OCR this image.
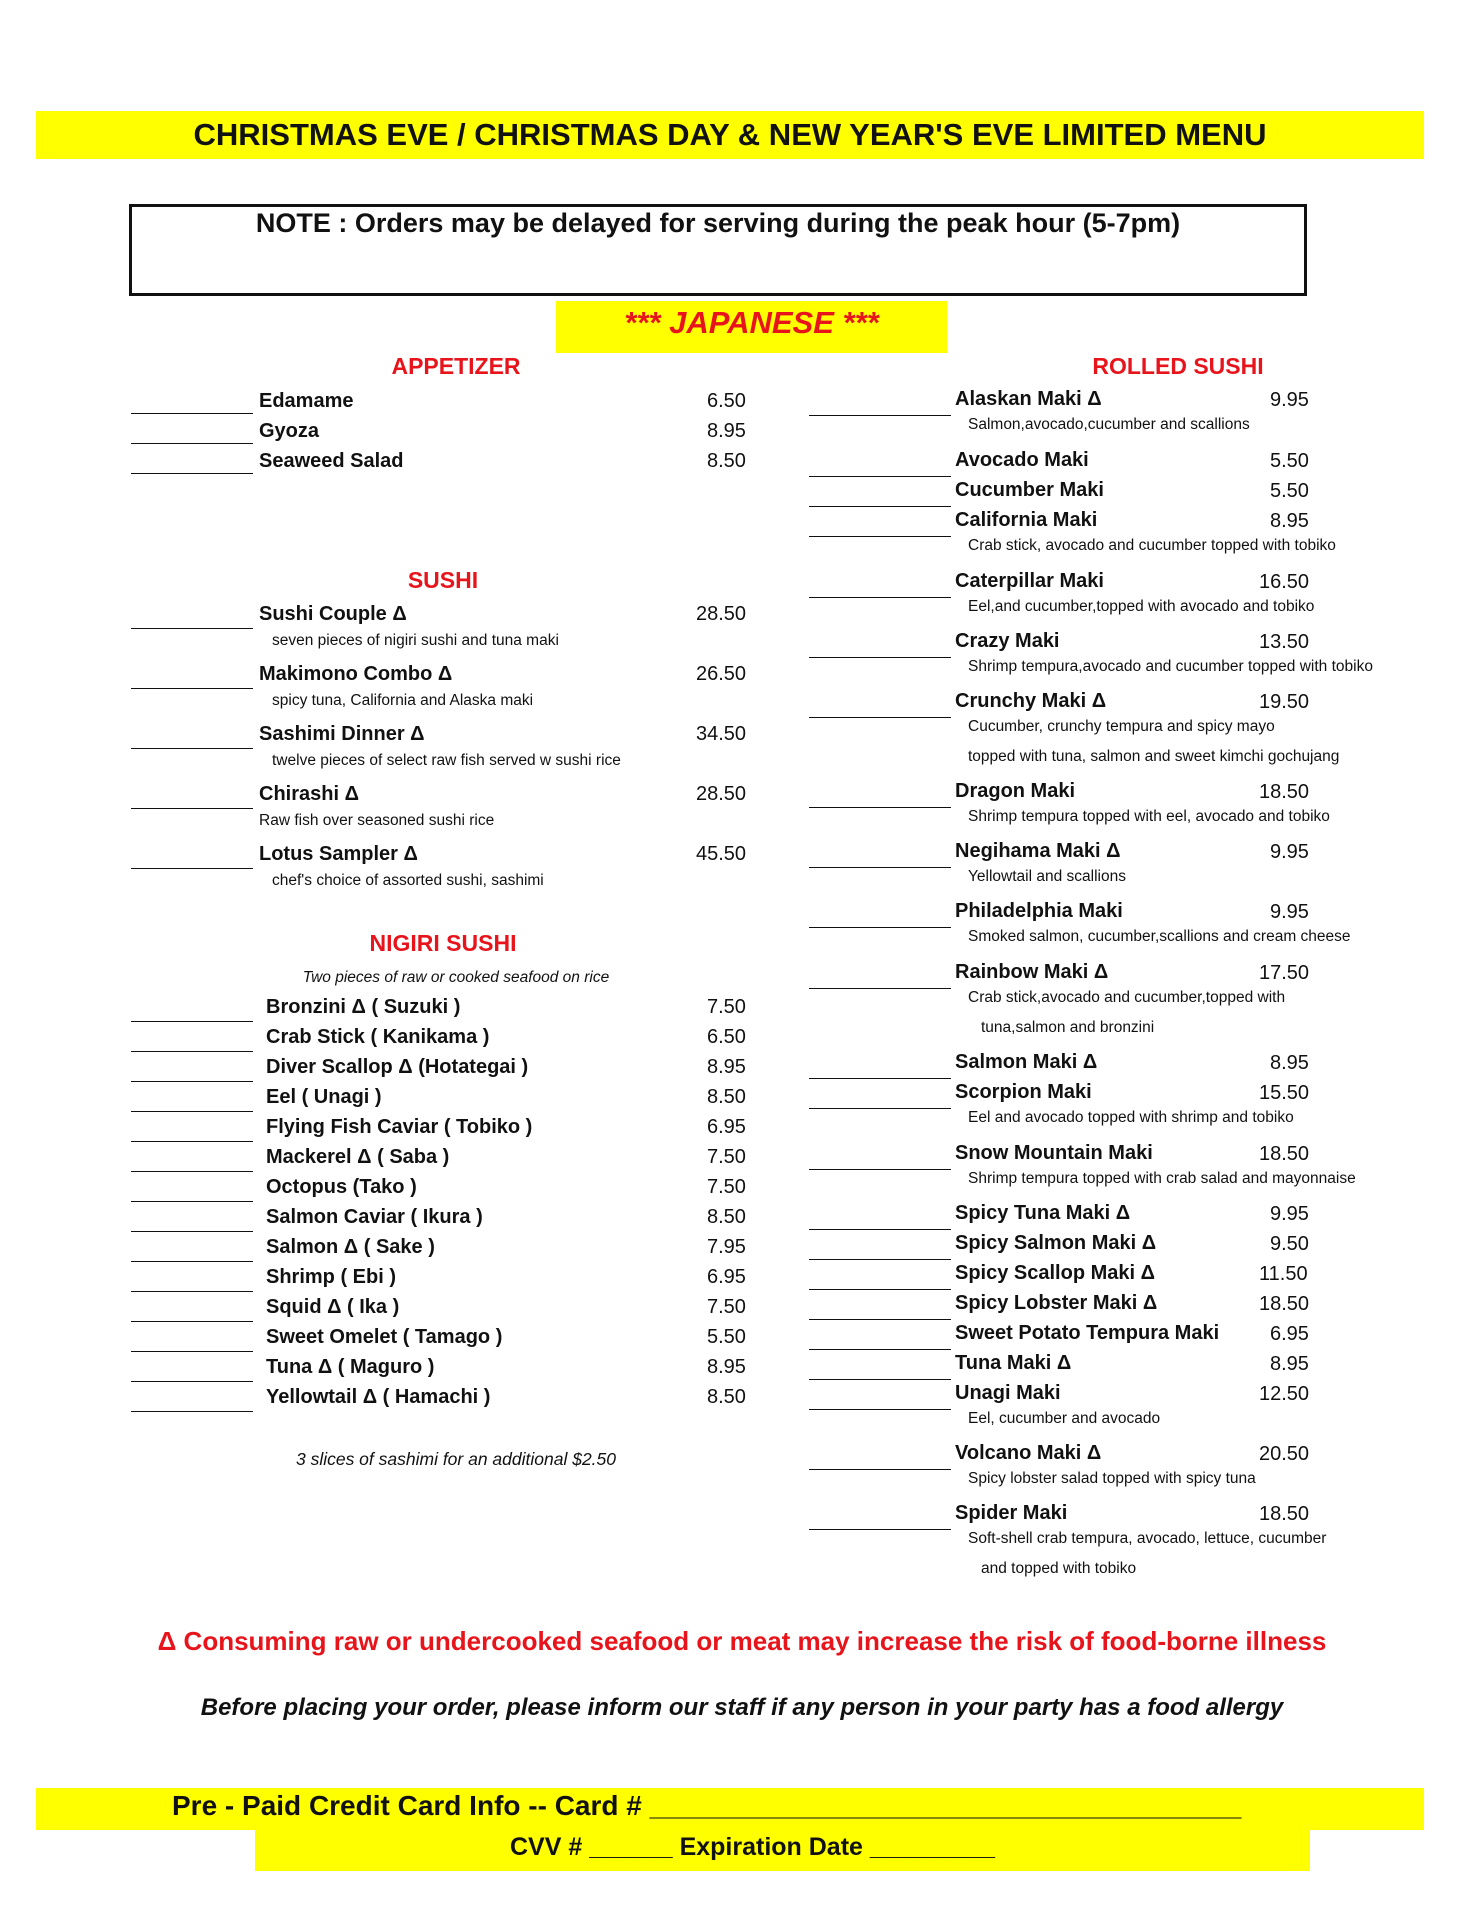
CHRISTMAS EVE / CHRISTMAS DAY & NEW YEAR'S EVE LIMITED MENU
NOTE : Orders may be delayed for serving during the peak hour (5-7pm)
*** JAPANESE ***
APPETIZER
SUSHI
NIGIRI SUSHI
Two pieces of raw or cooked seafood on rice
3 slices of sashimi for an additional $2.50
ROLLED SUSHI
Edamame	6.50
Gyoza	8.95
Seaweed Salad	8.50
Sushi Couple Δ	28.50
seven pieces of nigiri sushi and tuna maki
Makimono Combo Δ	26.50
spicy tuna, California and Alaska maki
Sashimi Dinner Δ	34.50
twelve pieces of select raw fish served w sushi rice
Chirashi Δ	28.50
Raw fish over seasoned sushi rice
Lotus Sampler Δ	45.50
chef's choice of assorted sushi, sashimi
Bronzini Δ ( Suzuki )	7.50
Crab Stick ( Kanikama )	6.50
Diver Scallop Δ (Hotategai )	8.95
Eel ( Unagi )	8.50
Flying Fish Caviar ( Tobiko )	6.95
Mackerel Δ ( Saba )	7.50
Octopus (Tako )	7.50
Salmon Caviar ( Ikura )	8.50
Salmon Δ ( Sake )	7.95
Shrimp ( Ebi )	6.95
Squid Δ ( Ika )	7.50
Sweet Omelet ( Tamago )	5.50
Tuna Δ ( Maguro )	8.95
Yellowtail Δ ( Hamachi )	8.50
Alaskan Maki Δ	9.95
Salmon,avocado,cucumber and scallions
Avocado Maki	5.50
Cucumber Maki	5.50
California Maki	8.95
Crab stick, avocado and cucumber topped with tobiko
Caterpillar Maki	16.50
Eel,and cucumber,topped with avocado and tobiko
Crazy Maki	13.50
Shrimp tempura,avocado and cucumber topped with tobiko
Crunchy Maki Δ	19.50
Cucumber, crunchy tempura and spicy mayo
topped with tuna, salmon and sweet kimchi gochujang
Dragon Maki	18.50
Shrimp tempura topped with eel, avocado and tobiko
Negihama Maki Δ	9.95
Yellowtail and scallions
Philadelphia Maki	9.95
Smoked salmon, cucumber,scallions and cream cheese
Rainbow Maki Δ	17.50
Crab stick,avocado and cucumber,topped with
tuna,salmon and bronzini
Salmon Maki Δ	8.95
Scorpion Maki	15.50
Eel and avocado topped with shrimp and tobiko
Snow Mountain Maki	18.50
Shrimp tempura topped with crab salad and mayonnaise
Spicy Tuna Maki Δ	9.95
Spicy Salmon Maki Δ	9.50
Spicy Scallop Maki Δ	11.50
Spicy Lobster Maki Δ	18.50
Sweet Potato Tempura Maki	6.95
Tuna Maki Δ	8.95
Unagi Maki	12.50
Eel, cucumber and avocado
Volcano Maki Δ	20.50
Spicy lobster salad topped with spicy tuna
Spider Maki	18.50
Soft-shell crab tempura, avocado, lettuce, cucumber
and topped with tobiko
Δ Consuming raw or undercooked seafood or meat may increase the risk of food-borne illness
Before placing your order, please inform our staff if any person in your party has a food allergy
Pre - Paid Credit Card Info -- Card # ______________________________________
CVV # ______ Expiration Date _________
